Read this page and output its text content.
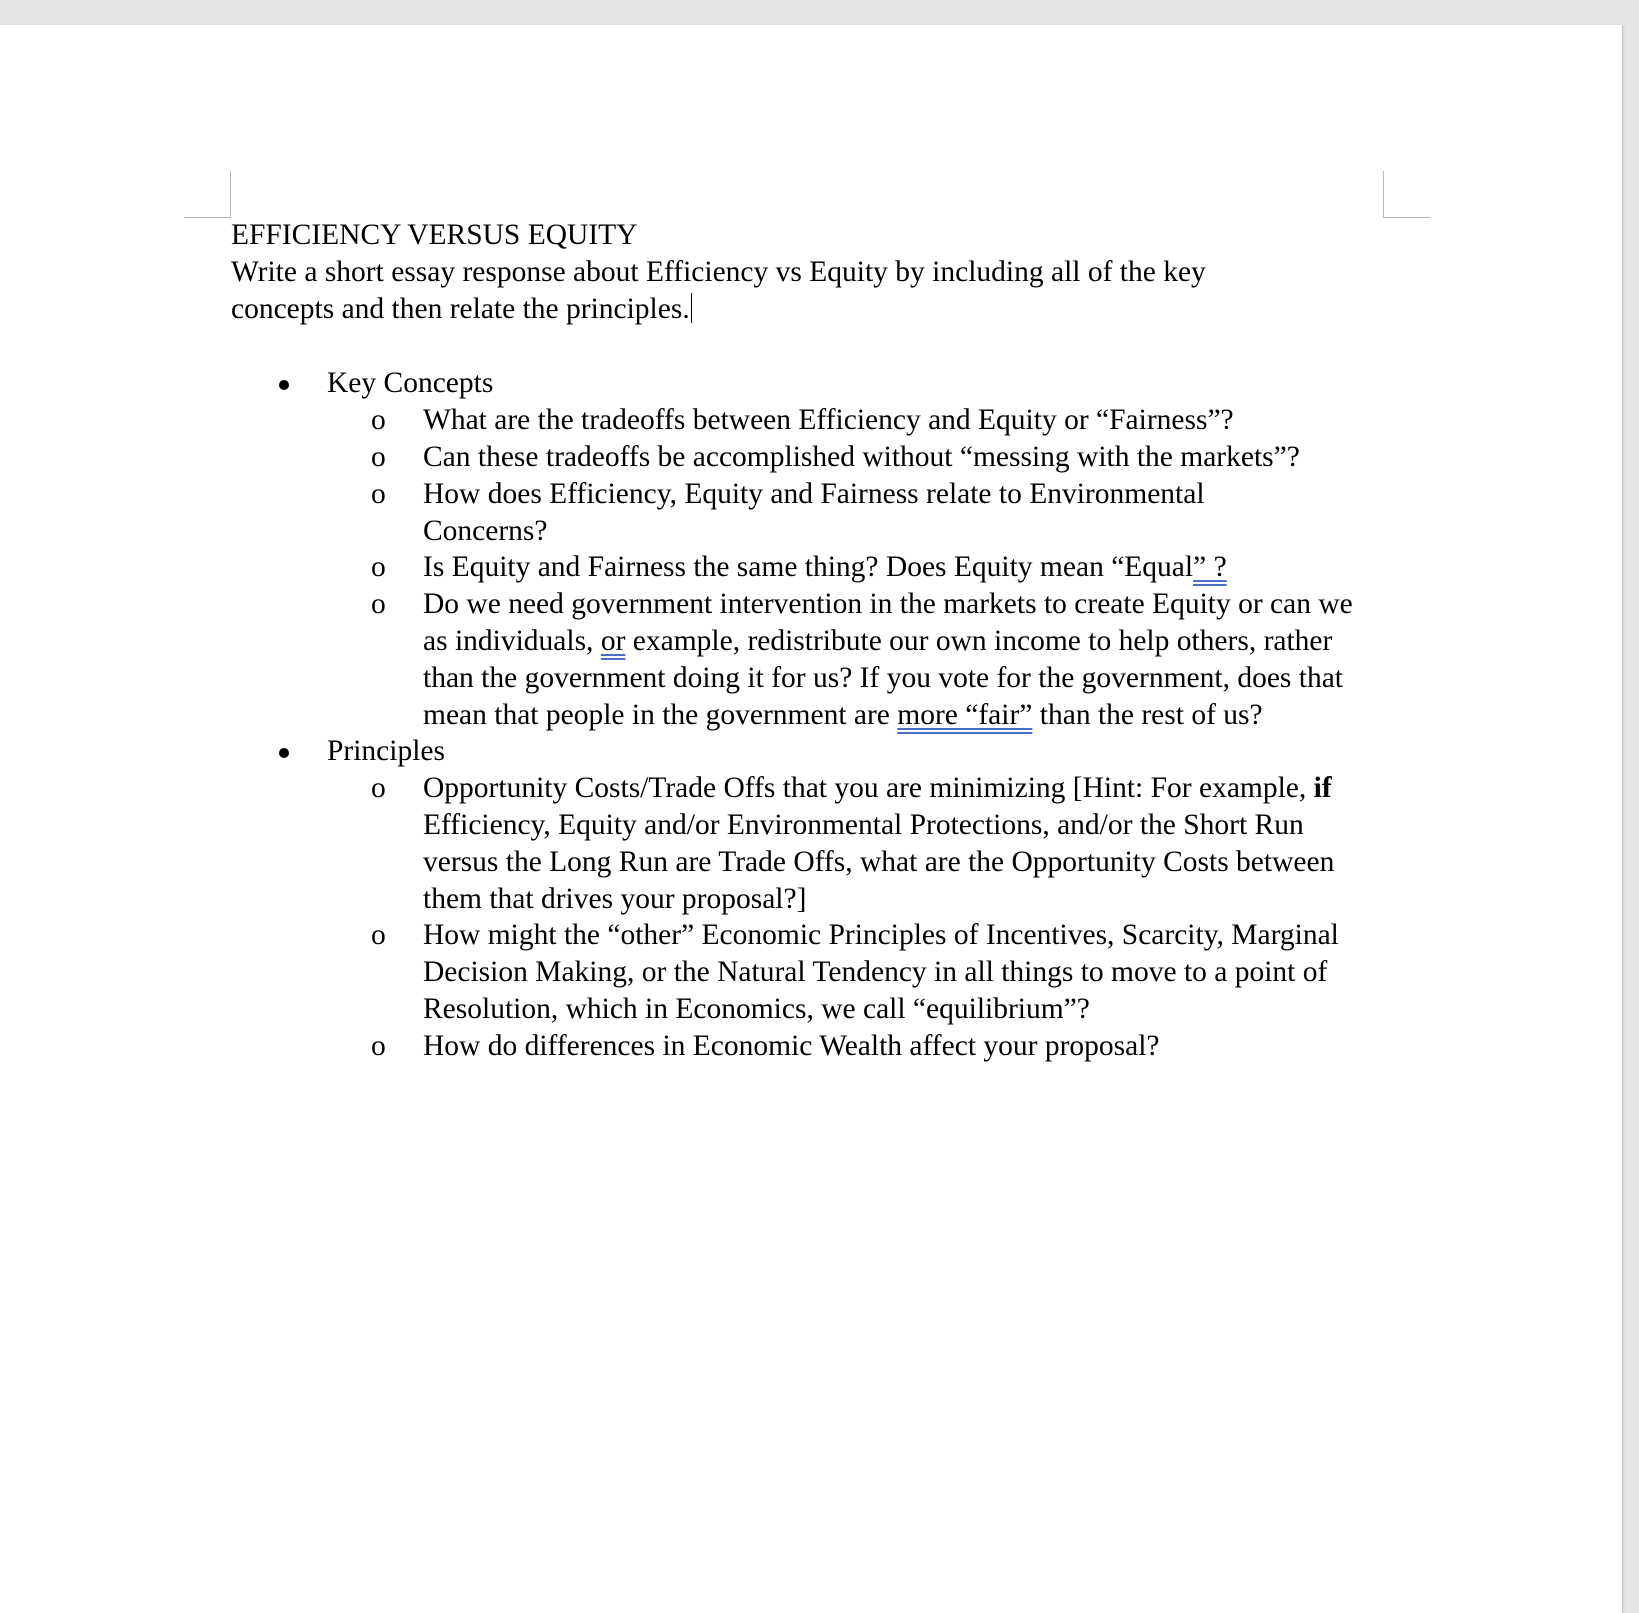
EFFICIENCY VERSUS EQUITY

Write a short essay response about Efficiency vs Equity by including all of the key concepts and then relate the principles.

Key Concepts
o What are the tradeoffs between Efficiency and Equity or “Fairness”?
o Can these tradeoffs be accomplished without “messing with the markets”?
o How does Efficiency, Equity and Fairness relate to Environmental Concerns?
o Is Equity and Fairness the same thing? Does Equity mean “Equal” ?
o Do we need government intervention in the markets to create Equity or can we as individuals, or example, redistribute our own income to help others, rather than the government doing it for us? If you vote for the government, does that mean that people in the government are more “fair” than the rest of us?
Principles
o Opportunity Costs/Trade Offs that you are minimizing [Hint: For example, if Efficiency, Equity and/or Environmental Protections, and/or the Short Run versus the Long Run are Trade Offs, what are the Opportunity Costs between them that drives your proposal?]
o How might the “other” Economic Principles of Incentives, Scarcity, Marginal Decision Making, or the Natural Tendency in all things to move to a point of Resolution, which in Economics, we call “equilibrium”?
o How do differences in Economic Wealth affect your proposal?
